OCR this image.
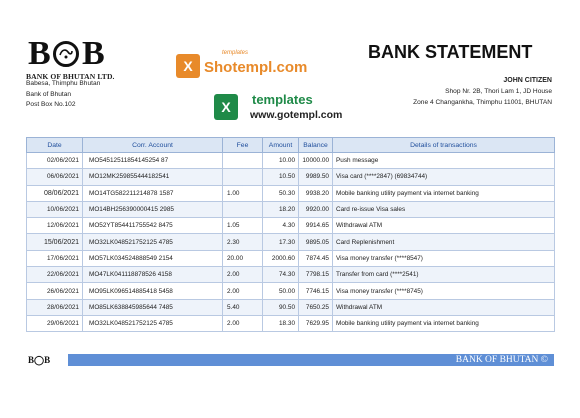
B B
BANK OF BHUTAN LTD.
Babesa, Thimphu Bhutan
Bank of Bhutan
Post Box No.102
X
templates
Shotempl.com
X	templates
www.gotempl.com
BANK STATEMENT
JOHN CITIZEN
Shop Nr. 2B, Thori Lam 1, JD House
Zone 4 Changankha, Thimphu 11001, BHUTAN
Date	Corr. Account	Fee	Amount	Balance	Details of transactions
02/06/2021	MO54512511854145254 87		10.00	10000.00	Push message
06/06/2021	MO12MK259855444182541		10.50	9989.50	Visa card (****2847) (69834744)
08/06/2021	MO14TG582211214878 1587	1.00	50.30	9938.20	Mobile banking utility payment via internet banking
10/06/2021	MO14BH256390000415 2985		18.20	9920.00	Card re-issue Visa sales
12/06/2021	MO52YT854411755542 8475	1.05	4.30	9914.65	Withdrawal ATM
15/06/2021	MO32LK048521752125 4785	2.30	17.30	9895.05	Card Replenishment
17/06/2021	MO57LK034524888549 2154	20.00	2000.60	7874.45	Visa money transfer (****8547)
22/06/2021	MO47LK041118878526 4158	2.00	74.30	7798.15	Transfer from card (****2541)
26/06/2021	MO95LK096514885418 5458	2.00	50.00	7746.15	Visa money transfer (****8745)
28/06/2021	MO85LK638845985644 7485	5.40	90.50	7650.25	Withdrawal ATM
29/06/2021	MO32LK048521752125 4785	2.00	18.30	7629.95	Mobile banking utility payment via internet banking
B◯B	BANK OF BHUTAN ©
